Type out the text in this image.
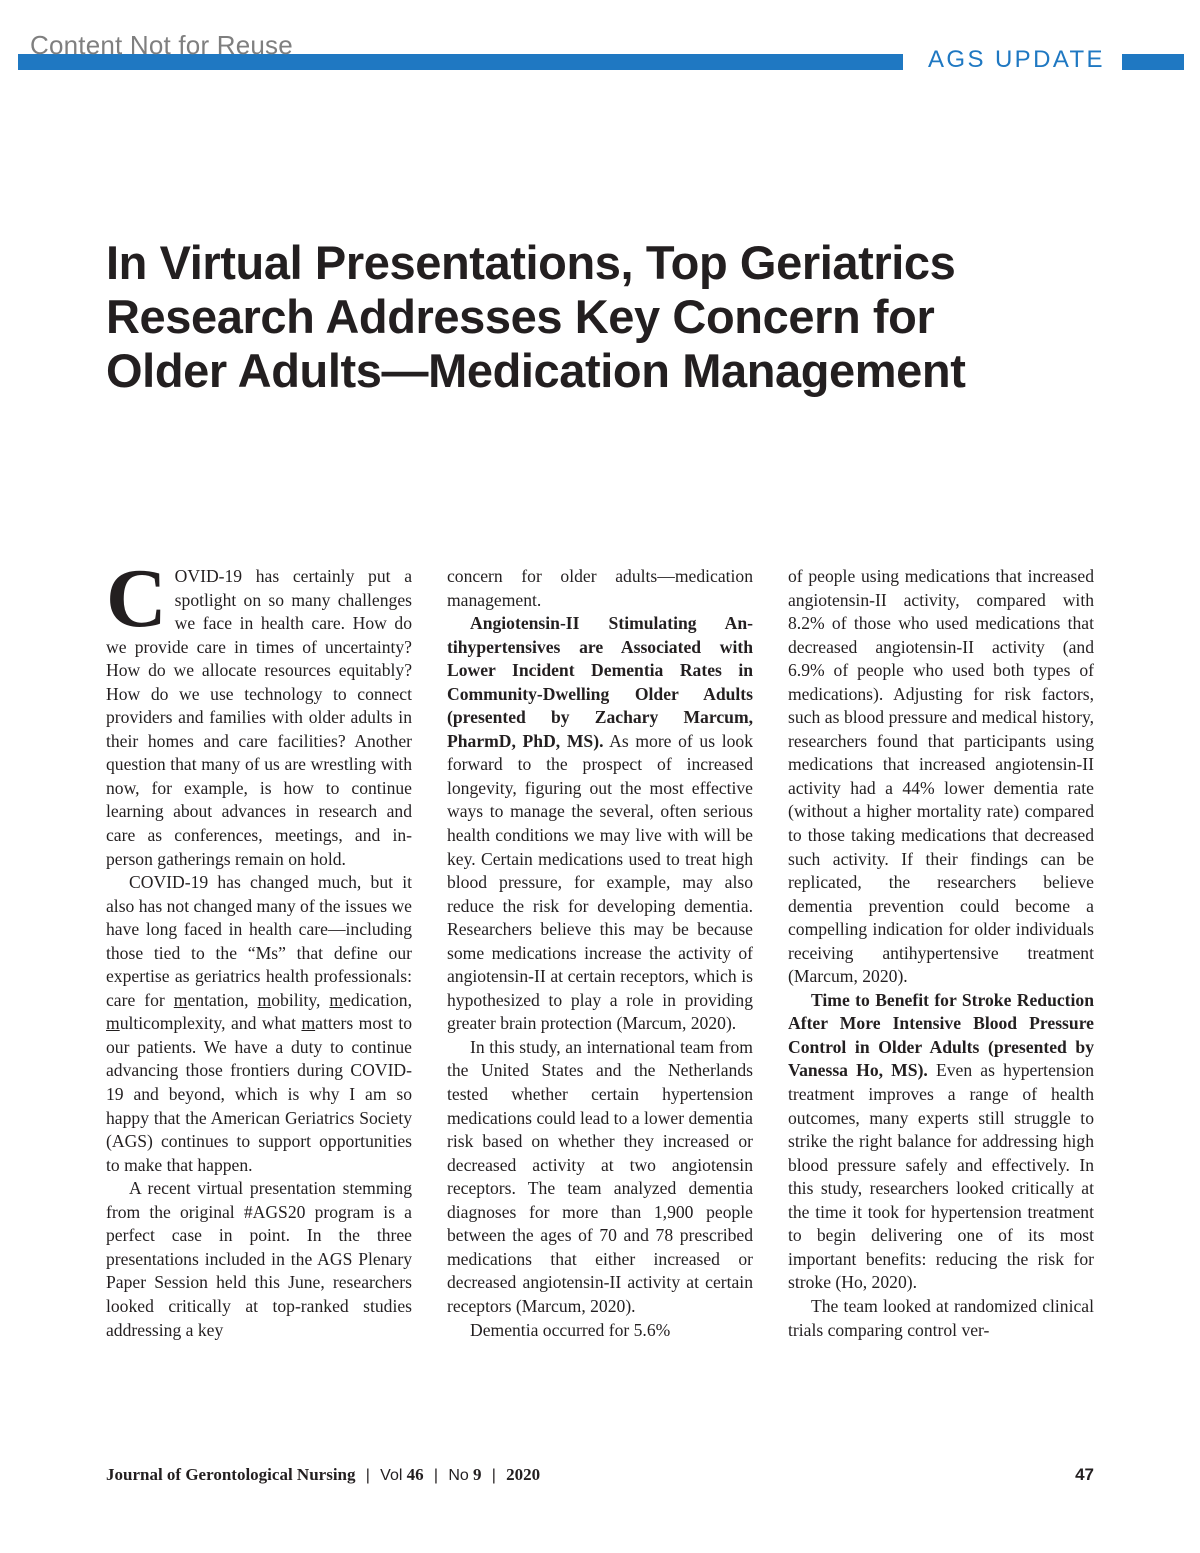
Content Not for Reuse	AGS UPDATE
In Virtual Presentations, Top Geriatrics
Research Addresses Key Concern for
Older Adults—Medication Management

COVID-19 has certainly put a spotlight on so many challenges we face in health care. How do we provide care in times of uncertainty? How do we allocate resources equitably? How do we use technology to connect providers and families with older adults in their homes and care facilities? Another question that many of us are wrestling with now, for example, is how to continue learning about advances in research and care as conferences, meetings, and in-person gatherings remain on hold.

COVID-19 has changed much, but it also has not changed many of the issues we have long faced in health care—including those tied to the “Ms” that define our expertise as geriatrics health professionals: care for mentation, mobility, medication, multicomplexity, and what matters most to our patients. We have a duty to continue advancing those frontiers during COVID-19 and beyond, which is why I am so happy that the American Geriatrics Society (AGS) continues to support opportunities to make that happen.

A recent virtual presentation stemming from the original #AGS20 program is a perfect case in point. In the three presentations included in the AGS Plenary Paper Session held this June, researchers looked critically at top-ranked studies addressing a key

concern for older adults—medication management.

Angiotensin-II Stimulating Antihypertensives are Associated with Lower Incident Dementia Rates in Community-Dwelling Older Adults (presented by Zachary Marcum, PharmD, PhD, MS). As more of us look forward to the prospect of increased longevity, figuring out the most effective ways to manage the several, often serious health conditions we may live with will be key. Certain medications used to treat high blood pressure, for example, may also reduce the risk for developing dementia. Researchers believe this may be because some medications increase the activity of angiotensin-II at certain receptors, which is hypothesized to play a role in providing greater brain protection (Marcum, 2020).

In this study, an international team from the United States and the Netherlands tested whether certain hypertension medications could lead to a lower dementia risk based on whether they increased or decreased activity at two angiotensin receptors. The team analyzed dementia diagnoses for more than 1,900 people between the ages of 70 and 78 prescribed medications that either increased or decreased angiotensin-II activity at certain receptors (Marcum, 2020).

Dementia occurred for 5.6%

of people using medications that increased angiotensin-II activity, compared with 8.2% of those who used medications that decreased angiotensin-II activity (and 6.9% of people who used both types of medications). Adjusting for risk factors, such as blood pressure and medical history, researchers found that participants using medications that increased angiotensin-II activity had a 44% lower dementia rate (without a higher mortality rate) compared to those taking medications that decreased such activity. If their findings can be replicated, the researchers believe dementia prevention could become a compelling indication for older individuals receiving antihypertensive treatment (Marcum, 2020).

Time to Benefit for Stroke Reduction After More Intensive Blood Pressure Control in Older Adults (presented by Vanessa Ho, MS). Even as hypertension treatment improves a range of health outcomes, many experts still struggle to strike the right balance for addressing high blood pressure safely and effectively. In this study, researchers looked critically at the time it took for hypertension treatment to begin delivering one of its most important benefits: reducing the risk for stroke (Ho, 2020).

The team looked at randomized clinical trials comparing control ver-

Journal of Gerontological Nursing | Vol 46 | No 9 | 2020	47
